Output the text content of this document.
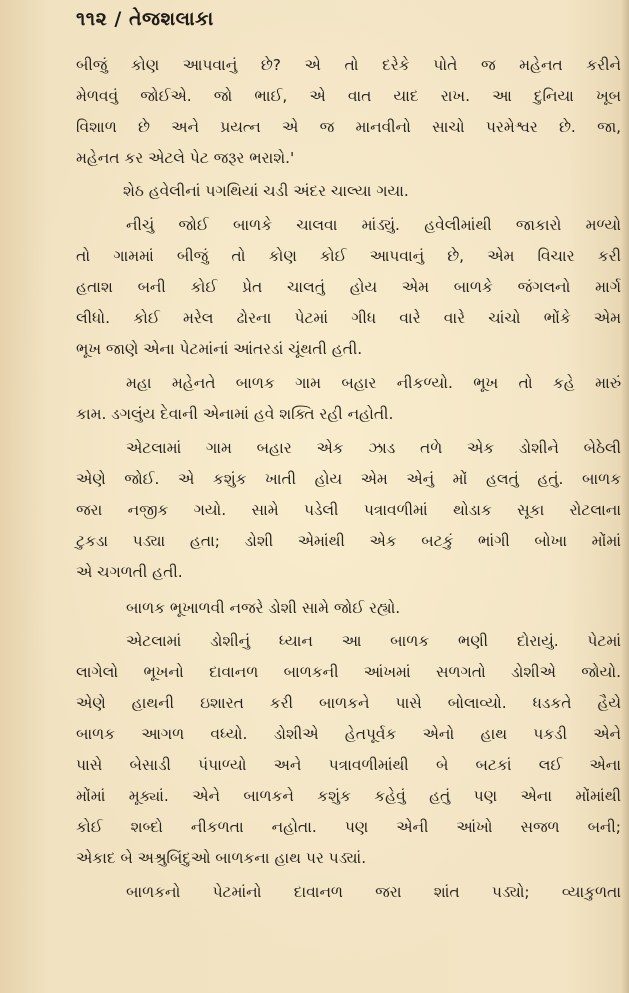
૧૧૨ / તેજશલાકા
બીજું કોણ આપવાનું છે? એ તો દરેકે પોતે જ મહેનત કરીને
મેળવવું જોઈએ. જો ભાઈ, એ વાત યાદ રાખ. આ દુનિયા ખૂબ
વિશાળ છે અને પ્રયત્ન એ જ માનવીનો સાચો પરમેશ્વર છે. જા,
મહેનત કર એટલે પેટ જરૂર ભરાશે.'
શેઠ હવેલીનાં પગથિયાં ચડી અંદર ચાલ્યા ગયા.
નીચું જોઈ બાળકે ચાલવા માંડ્યું. હવેલીમાંથી જાકારો મળ્યો
તો ગામમાં બીજું તો કોણ કોઈ આપવાનું છે, એમ વિચાર કરી
હતાશ બની કોઈ પ્રેત ચાલતું હોય એમ બાળકે જંગલનો માર્ગ
લીધો. કોઈ મરેલ ઢોરના પેટમાં ગીધ વારે વારે ચાંચો ભોંકે એમ
ભૂખ જાણે એના પેટમાંનાં આંતરડાં ચૂંથતી હતી.
મહા મહેનતે બાળક ગામ બહાર નીકળ્યો. ભૂખ તો કહે મારું
કામ. ડગલુંય દેવાની એનામાં હવે શક્તિ રહી નહોતી.
એટલામાં ગામ બહાર એક ઝાડ તળે એક ડોશીને બેઠેલી
એણે જોઈ. એ કશુંક ખાતી હોય એમ એનું મોં હલતું હતું. બાળક
જરા નજીક ગયો. સામે પડેલી પત્રાવળીમાં થોડાક સૂકા રોટલાના
ટુકડા પડ્યા હતા; ડોશી એમાંથી એક બટકું ભાંગી બોખા મોંમાં
એ ચગળતી હતી.
બાળક ભૂખાળવી નજરે ડોશી સામે જોઈ રહ્યો.
એટલામાં ડોશીનું ધ્યાન આ બાળક ભણી દોરાયું. પેટમાં
લાગેલો ભૂખનો દાવાનળ બાળકની આંખમાં સળગતો ડોશીએ જોયો.
એણે હાથની ઇશારત કરી બાળકને પાસે બોલાવ્યો. ધડકતે હૈયે
બાળક આગળ વધ્યો. ડોશીએ હેતપૂર્વક એનો હાથ પકડી એને
પાસે બેસાડી પંપાળ્યો અને પત્રાવળીમાંથી બે બટકાં લઈ એના
મોંમાં મૂક્યાં. એને બાળકને કશુંક કહેવું હતું પણ એના મોંમાંથી
કોઈ શબ્દો નીકળતા નહોતા. પણ એની આંખો સજળ બની;
એકાદ બે અશ્રુબિંદુઓ બાળકના હાથ પર પડ્યાં.
બાળકનો પેટમાંનો દાવાનળ જરા શાંત પડ્યો; વ્યાકુળતા
